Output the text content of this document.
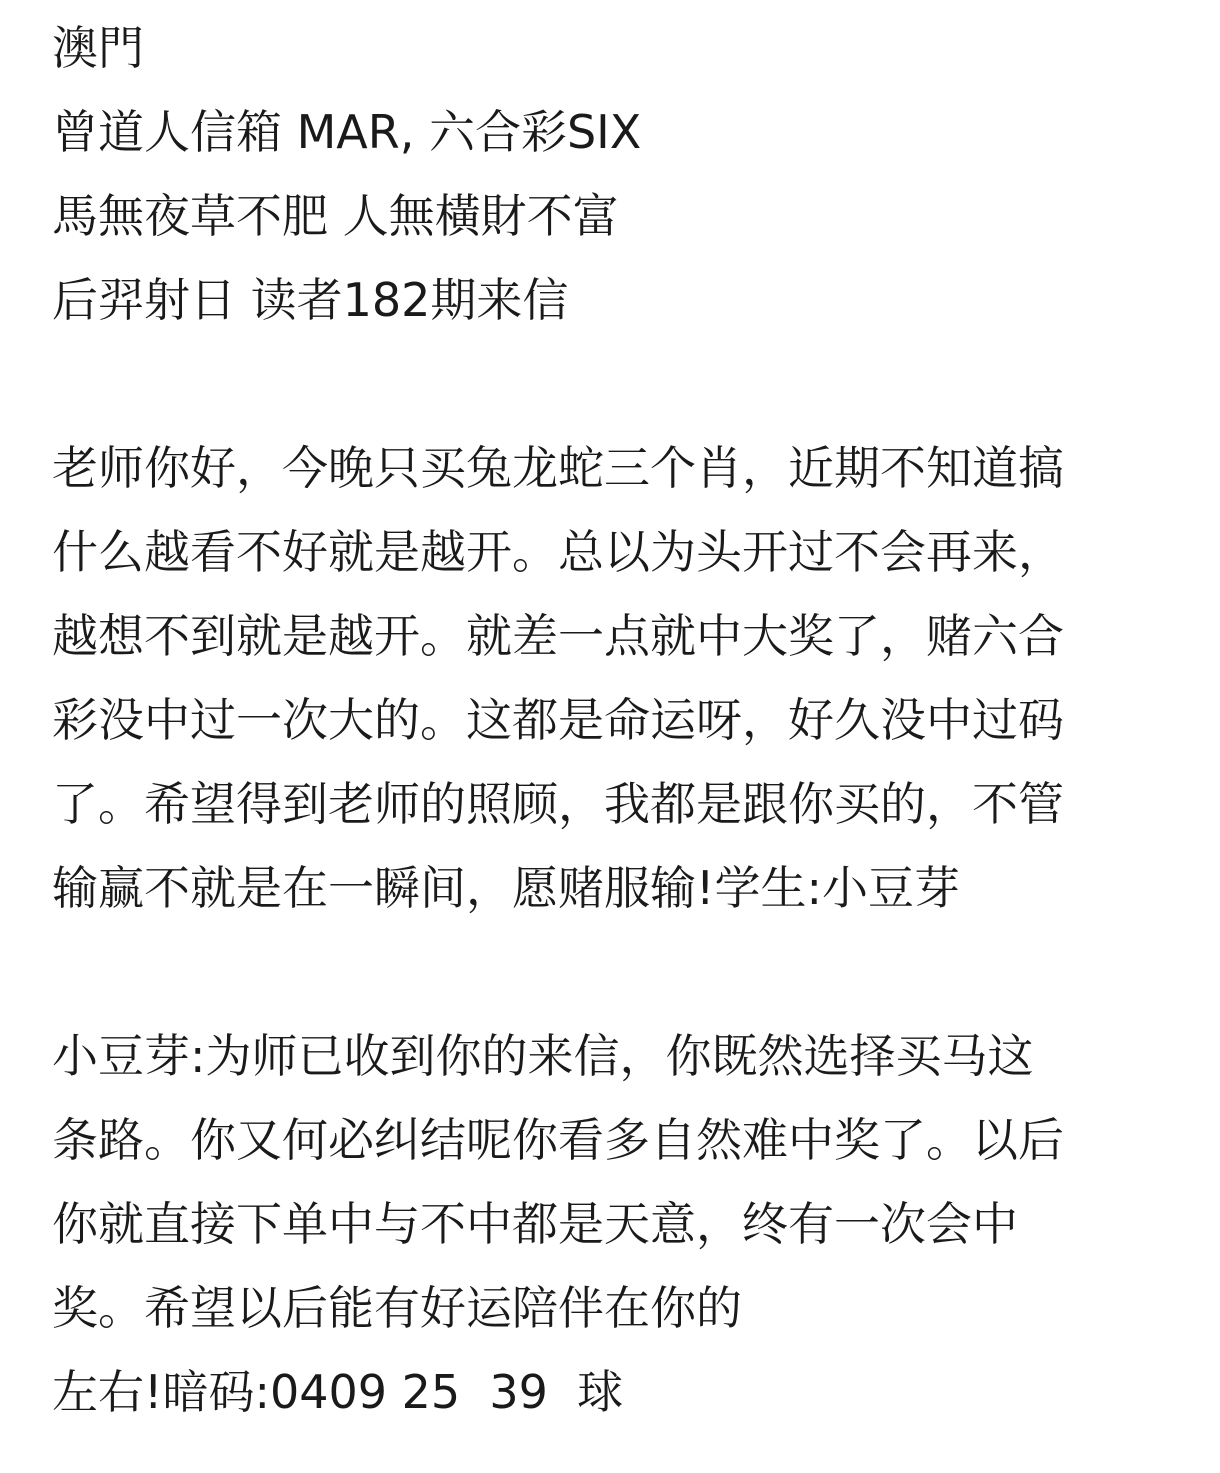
澳門
曾道人信箱 MAR, 六合彩SIX
馬無夜草不肥 人無橫財不富
后羿射日 读者182期来信
老师你好，今晚只买兔龙蛇三个肖，近期不知道搞
什么越看不好就是越开。总以为头开过不会再来，
越想不到就是越开。就差一点就中大奖了，赌六合
彩没中过一次大的。这都是命运呀，好久没中过码
了。希望得到老师的照顾，我都是跟你买的，不管
输赢不就是在一瞬间，愿赌服输!学生:小豆芽
小豆芽:为师已收到你的来信，你既然选择买马这
条路。你又何必纠结呢你看多自然难中奖了。以后
你就直接下单中与不中都是天意，终有一次会中
奖。希望以后能有好运陪伴在你的
左右!暗码:0409 25  39  球
